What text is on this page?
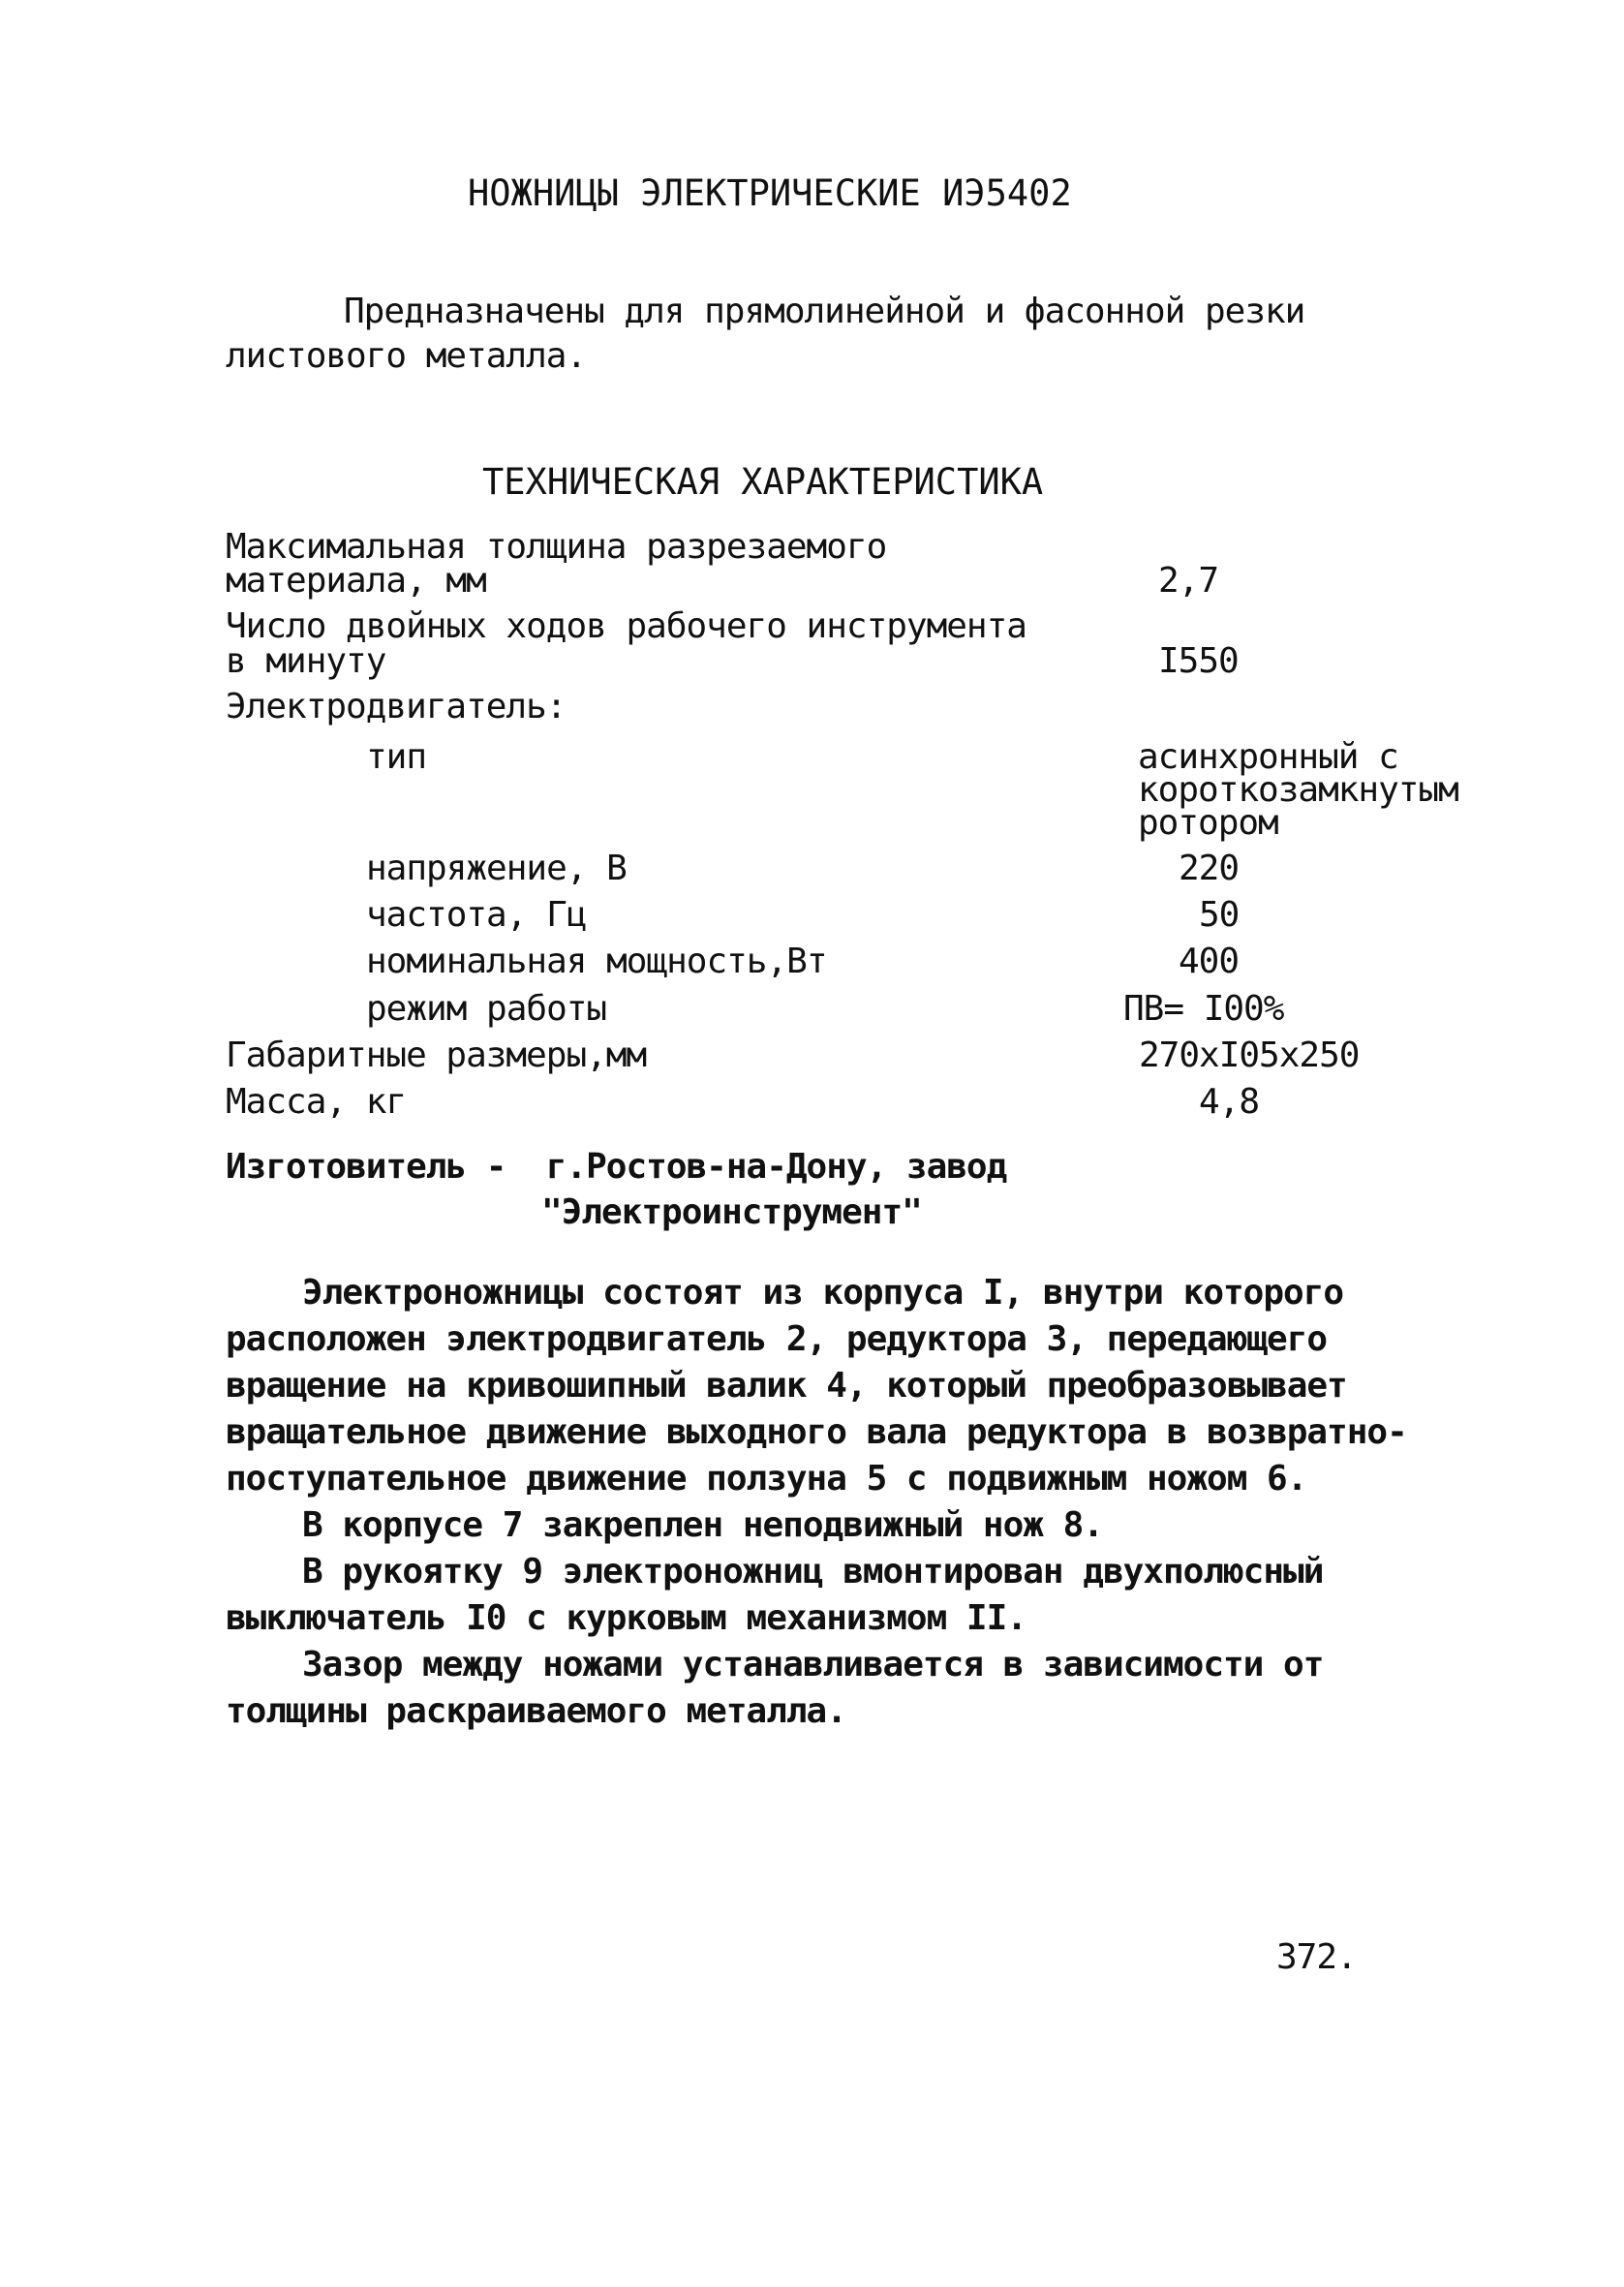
НОЖНИЦЫ ЭЛЕКТРИЧЕСКИЕ ИЭ5402
Предназначены для прямолинейной и фасонной резки
листового металла.
ТЕХНИЧЕСКАЯ ХАРАКТЕРИСТИКА
Максимальная толщина разрезаемого
материала, мм	2,7
Число двойных ходов рабочего инструмента
в минуту	I550
Электродвигатель:
тип	асинхронный с
короткозамкнутым
ротором
напряжение, В	220
частота, Гц	50
номинальная мощность,Вт	400
режим работы	ПВ= I00%
Габаритные размеры,мм	270хI05х250
Масса, кг	4,8
Изготовитель -  г.Ростов-на-Дону, завод
"Электроинструмент"
Электроножницы состоят из корпуса I, внутри которого
расположен электродвигатель 2, редуктора 3, передающего
вращение на кривошипный валик 4, который преобразовывает
вращательное движение выходного вала редуктора в возвратно-
поступательное движение ползуна 5 с подвижным ножом 6.
В корпусе 7 закреплен неподвижный нож 8.
В рукоятку 9 электроножниц вмонтирован двухполюсный
выключатель I0 с курковым механизмом II.
Зазор между ножами устанавливается в зависимости от
толщины раскраиваемого металла.
372.
